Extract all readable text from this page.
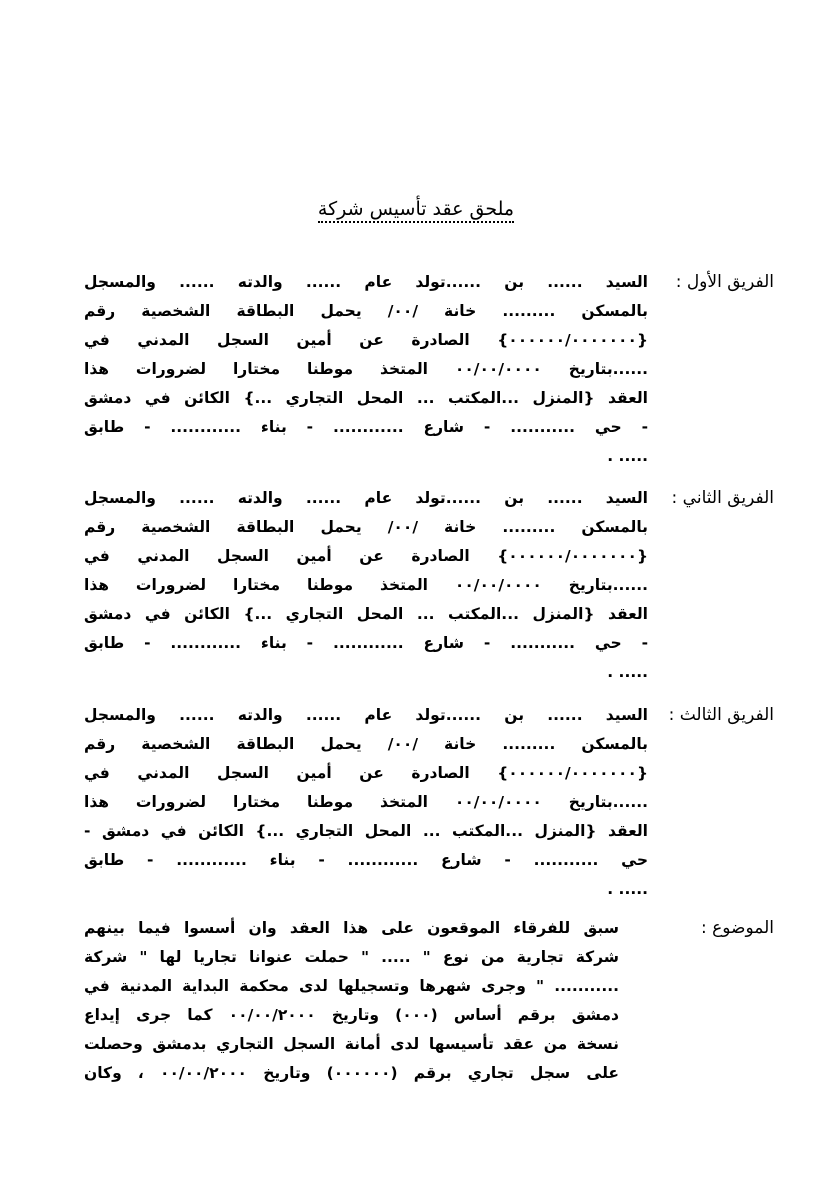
ملحق عقد تأسيس شركة
الفريق الأول :
السيد ...... بن ......تولد عام ...... والدته ...... والمسجل
بالمسكن ......... خانة /٠٠/ يحمل البطاقة الشخصية رقم
{٠٠٠٠٠٠/٠٠٠٠٠٠٠} الصادرة عن أمين السجل المدني في
......بتاريخ ٠٠/٠٠/٠٠٠٠ المتخذ موطنا مختارا لضرورات هذا
العقد {المنزل ...المكتب ... المحل التجاري ...} الكائن في دمشق
- حي ........... - شارع ............ - بناء ............ - طابق
..... .
الفريق الثاني :
السيد ...... بن ......تولد عام ...... والدته ...... والمسجل
بالمسكن ......... خانة /٠٠/ يحمل البطاقة الشخصية رقم
{٠٠٠٠٠٠/٠٠٠٠٠٠٠} الصادرة عن أمين السجل المدني في
......بتاريخ ٠٠/٠٠/٠٠٠٠ المتخذ موطنا مختارا لضرورات هذا
العقد {المنزل ...المكتب ... المحل التجاري ...} الكائن في دمشق
- حي ........... - شارع ............ - بناء ............ - طابق
..... .
الفريق الثالث :
السيد ...... بن ......تولد عام ...... والدته ...... والمسجل
بالمسكن ......... خانة /٠٠/ يحمل البطاقة الشخصية رقم
{٠٠٠٠٠٠/٠٠٠٠٠٠٠} الصادرة عن أمين السجل المدني في
......بتاريخ ٠٠/٠٠/٠٠٠٠ المتخذ موطنا مختارا لضرورات هذا
العقد {المنزل ...المكتب ... المحل التجاري ...} الكائن في دمشق -
حي ........... - شارع ............ - بناء ............ - طابق
..... .
الموضوع :
سبق للفرقاء الموقعون على هذا العقد وان أسسوا فيما بينهم
شركة تجارية من نوع " ..... " حملت عنوانا تجاريا لها " شركة
........... " وجرى شهرها وتسجيلها لدى محكمة البداية المدنية في
دمشق برقم أساس (٠٠٠) وتاريخ ٠٠/٠٠/٢٠٠٠ كما جرى إيداع
نسخة من عقد تأسيسها لدى أمانة السجل التجاري بدمشق وحصلت
على سجل تجاري برقم (٠٠٠٠٠٠) وتاريخ ٠٠/٠٠/٢٠٠٠ ، وكان
